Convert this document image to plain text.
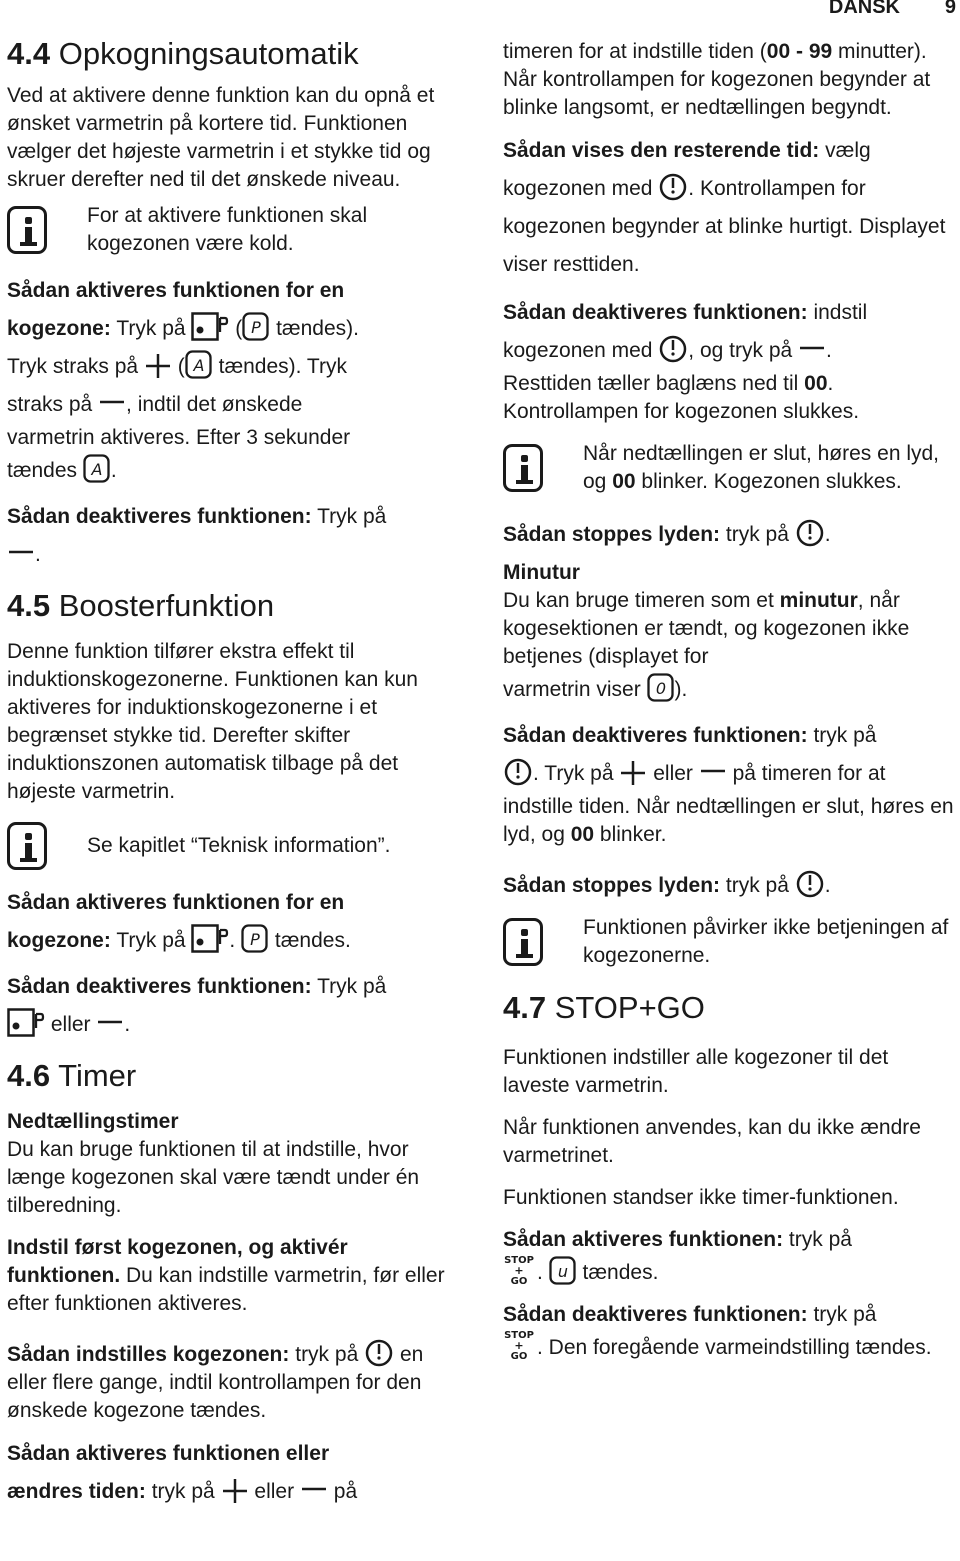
DANSK 9
4.4 Opkogningsautomatik

Ved at aktivere denne funktion kan du opnå et ønsket varmetrin på kortere tid. Funktionen vælger det højeste varmetrin i et stykke tid og skruer derefter ned til det ønskede niveau.

For at aktivere funktionen skal kogezonen være kold.

Sådan aktiveres funktionen for en
kogezone: Tryk på ( P tændes).
Tryk straks på ( A tændes). Tryk
straks på , indtil det ønskede

varmetrin aktiveres. Efter 3 sekunder

tændes A .

Sådan deaktiveres funktionen: Tryk på
.

4.5 Boosterfunktion

Denne funktion tilfører ekstra effekt til induktionskogezonerne. Funktionen kan kun aktiveres for induktionskogezonerne i et begrænset stykke tid. Derefter skifter induktionszonen automatisk tilbage på det højeste varmetrin.

Se kapitlet “Teknisk information”.

Sådan aktiveres funktionen for en
kogezone: Tryk på . P tændes.

Sådan deaktiveres funktionen: Tryk på
eller .

4.6 Timer

Nedtællingstimer

Du kan bruge funktionen til at indstille, hvor længe kogezonen skal være tændt under én tilberedning.

Indstil først kogezonen, og aktivér funktionen. Du kan indstille varmetrin, før eller efter funktionen aktiveres.

Sådan indstilles kogezonen: tryk på en eller flere gange, indtil kontrollampen for den ønskede kogezone tændes.

Sådan aktiveres funktionen eller
ændres tiden: tryk på eller på

timeren for at indstille tiden (00 - 99 minutter). Når kontrollampen for kogezonen begynder at blinke langsomt, er nedtællingen begyndt.

Sådan vises den resterende tid: vælg
kogezonen med . Kontrollampen for kogezonen begynder at blinke hurtigt. Displayet viser resttiden.

Sådan deaktiveres funktionen: indstil
kogezonen med , og tryk på .

Resttiden tæller baglæns ned til 00. Kontrollampen for kogezonen slukkes.

Når nedtællingen er slut, høres en lyd, og 00 blinker. Kogezonen slukkes.

Sådan stoppes lyden: tryk på .

Minutur

Du kan bruge timeren som et minutur, når kogesektionen er tændt, og kogezonen ikke betjenes (displayet for

varmetrin viser 0 ).

Sådan deaktiveres funktionen: tryk på
. Tryk på eller på timeren for at

indstille tiden. Når nedtællingen er slut, høres en lyd, og 00 blinker.

Sådan stoppes lyden: tryk på .

Funktionen påvirker ikke betjeningen af kogezonerne.

4.7 STOP+GO

Funktionen indstiller alle kogezoner til det laveste varmetrin.

Når funktionen anvendes, kan du ikke ændre varmetrinet.

Funktionen standser ikke timer-funktionen.

Sådan aktiveres funktionen: tryk på

STOP
+
GO . u tændes.

Sådan deaktiveres funktionen: tryk på

STOP
+
GO . Den foregående varmeindstilling tændes.
